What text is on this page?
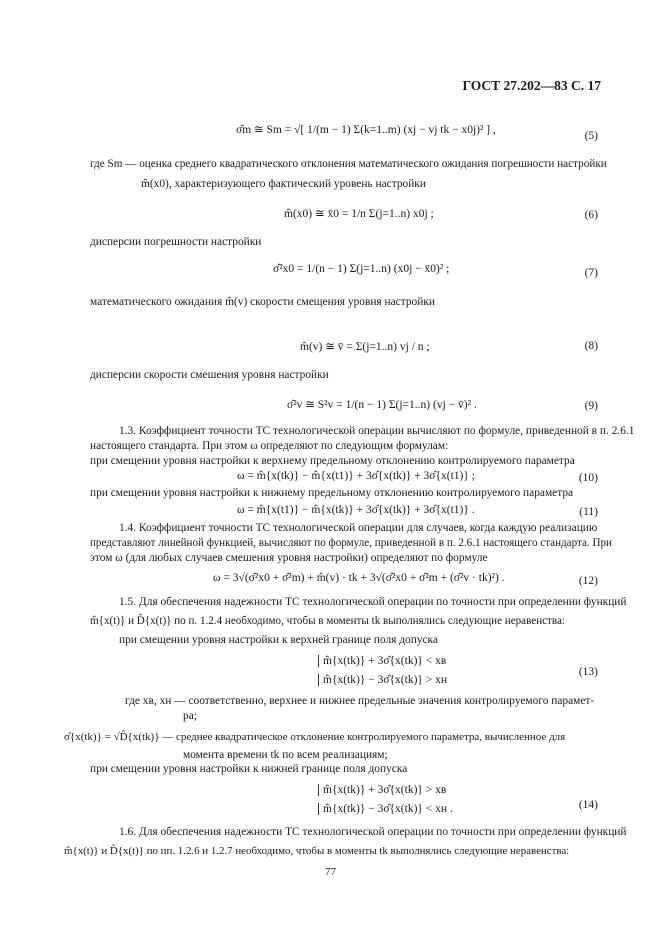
ГОСТ 27.202—83 С. 17
σ̂m ≅ Sm = √[ 1/(m − 1) Σ(k=1..m) (xj − vj tk − x0j)² ] ,	(5)
где Sm — оценка среднего квадратического отклонения математического ожидания погрешности настройки
m̂(x0), характеризующего фактический уровень настройки
m̂(x0) ≅ x̄0 = 1/n Σ(j=1..n) x0j ;	(6)
дисперсии погрешности настройки
σ̂²x0 = 1/(n − 1) Σ(j=1..n) (x0j − x̄0)² ;	(7)
математического ожидания m̂(v) скорости смещения уровня настройки
m̂(v) ≅ v̄ = Σ(j=1..n) vj / n ;	(8)
дисперсии скорости смешения уровня настройки
σ̂²v ≅ S²v = 1/(n − 1) Σ(j=1..n) (vj − v̄)² .	(9)
1.3. Коэффициент точности ТС технологической операции вычисляют по формуле, приведенной в п. 2.6.1
настоящего стандарта. При этом ω определяют по следующим формулам:
при смещении уровня настройки к верхнему предельному отклонению контролируемого параметра
ω = m̂{x(tk)} − m̂{x(t1)} + 3σ̂{x(tk)} + 3σ̂{x(t1)} ;	(10)
при смещении уровня настройки к нижнему предельному отклонению контролируемого параметра
ω = m̂{x(t1)} − m̂{x(tk)} + 3σ̂{x(tk)} + 3σ̂{x(t1)} .	(11)
1.4. Коэффициент точности ТС технологической операции для случаев, когда каждую реализацию
представляют линейной функцией, вычисляют по формуле, приведенной в п. 2.6.1 настоящего стандарта. При
этом ω (для любых случаев смешения уровня настройки) определяют по формуле
ω = 3√(σ̂²x0 + σ̂²m) + m̂(v) · tk + 3√(σ̂²x0 + σ̂²m + (σ̂²v · tk)²) .	(12)
1.5. Для обеспечения надежности ТС технологической операции по точности при определении функций
m̂{x(t)} и D̂{x(t)} по п. 1.2.4 необходимо, чтобы в моменты tk выполнялись следующие неравенства:
при смещении уровня настройки к верхней границе поля допуска
m̂{x(tk)} + 3σ̂{x(tk)} < xв
m̂{x(tk)} − 3σ̂{x(tk)} > xн
(13)
где xв, xн — соответственно, верхнее и нижнее предельные значения контролируемого парамет-
ра;
σ̂{x(tk)} = √D̂{x(tk)} — среднее квадратическое отклонение контролируемого параметра, вычисленное для
момента времени tk по всем реализациям;
при смещении уровня настройки к нижней границе поля допуска
m̂{x(tk)} + 3σ̂{x(tk)} > xв
m̂{x(tk)} − 3σ̂{x(tk)} < xн .	(14)
1.6. Для обеспечения надежности ТС технологической операции по точности при определении функций
m̂{x(t)} и D̂{x(t)} по пп. 1.2.6 и 1.2.7 необходимо, чтобы в моменты tk выполнялись следующие неравенства:
77
